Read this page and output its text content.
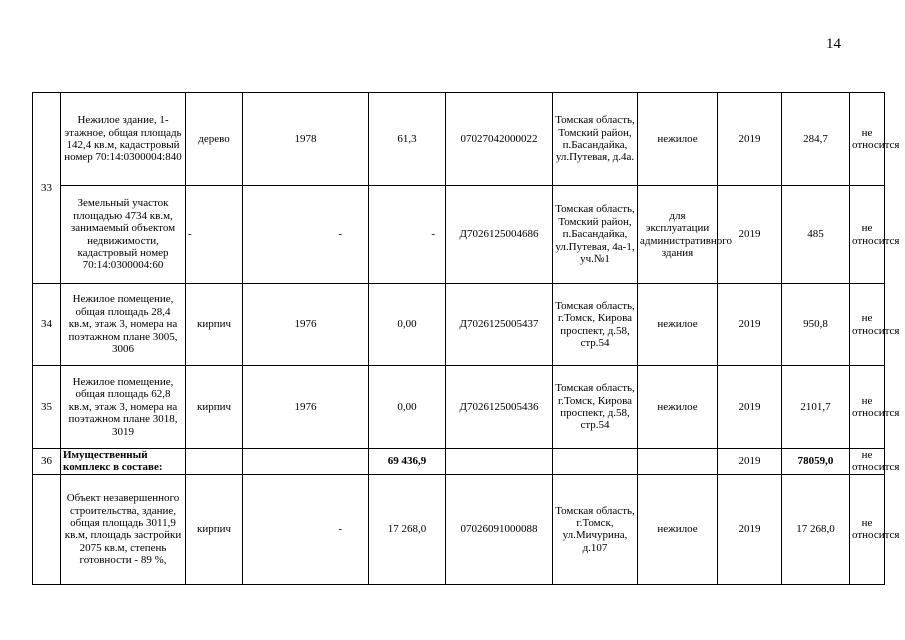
14
33	Нежилое здание, 1-этажное, общая площадь 142,4 кв.м, кадастровый номер 70:14:0300004:840	дерево	1978	61,3	07027042000022	Томская область, Томский район, п.Басандайка, ул.Путевая, д.4а.	нежилое	2019	284,7	не относится
	Земельный участок площадью 4734 кв.м, занимаемый объектом недвижимости, кадастровый номер 70:14:0300004:60	-	-	-	Д7026125004686	Томская область, Томский район, п.Басандайка, ул.Путевая, 4а-1, уч.№1	для эксплуатации административного здания	2019	485	не относится
34	Нежилое помещение, общая площадь 28,4 кв.м, этаж 3, номера на поэтажном плане 3005, 3006	кирпич	1976	0,00	Д7026125005437	Томская область, г.Томск, Кирова проспект, д.58, стр.54	нежилое	2019	950,8	не относится
35	Нежилое помещение, общая площадь 62,8 кв.м, этаж 3, номера на поэтажном плане 3018, 3019	кирпич	1976	0,00	Д7026125005436	Томская область, г.Томск, Кирова проспект, д.58, стр.54	нежилое	2019	2101,7	не относится
36	Имущественный комплекс в составе:			69 436,9				2019	78059,0	не относится
	Объект незавершенного строительства, здание, общая площадь 3011,9 кв.м, площадь застройки 2075 кв.м, степень готовности - 89 %,	кирпич	-	17 268,0	07026091000088	Томская область, г.Томск, ул.Мичурина, д.107	нежилое	2019	17 268,0	не относится
